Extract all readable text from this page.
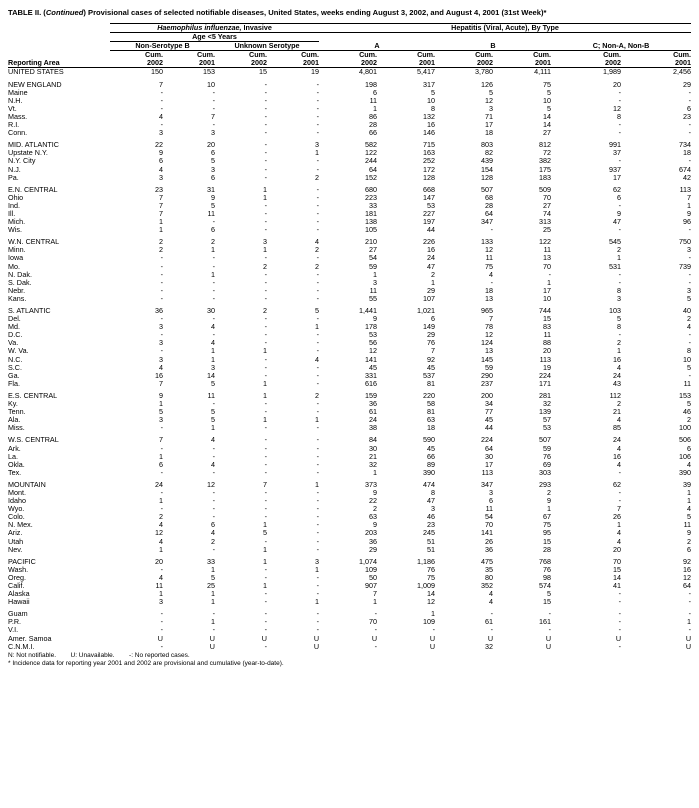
TABLE II. (Continued) Provisional cases of selected notifiable diseases, United States, weeks ending August 3, 2002, and August 4, 2001 (31st Week)*
	Haemophilus influenzae, Invasive				Hepatitis (Viral, Acute), By Type					
	Age <5 Years									
	Non-Serotype B		Unknown Serotype		A		B		C; Non-A, Non-B	
	Cum.	Cum.	Cum.	Cum.	Cum.	Cum.	Cum.	Cum.	Cum.	Cum.
Reporting Area	2002	2001	2002	2001	2002	2001	2002	2001	2002	2001
UNITED STATES	150	153	15	19	4,801	5,417	3,780	4,111	1,989	2,456

NEW ENGLAND	7	10	-	-	198	317	126	75	20	29
Maine	-	-	-	-	6	5	5	5	-	-
N.H.	-	-	-	-	11	10	12	10	-	-
Vt.	-	-	-	-	1	8	3	5	12	6
Mass.	4	7	-	-	86	132	71	14	8	23
R.I.	-	-	-	-	28	16	17	14	-	-
Conn.	3	3	-	-	66	146	18	27	-	-

MID. ATLANTIC	22	20	-	3	582	715	803	812	991	734
Upstate N.Y.	9	6	-	1	122	163	82	72	37	18
N.Y. City	6	5	-	-	244	252	439	382	-	-
N.J.	4	3	-	-	64	172	154	175	937	674
Pa.	3	6	-	2	152	128	128	183	17	42

E.N. CENTRAL	23	31	1	-	680	668	507	509	62	113
Ohio	7	9	1	-	223	147	68	70	6	7
Ind.	7	5	-	-	33	53	28	27	-	1
Ill.	7	11	-	-	181	227	64	74	9	9
Mich.	1	-	-	-	138	197	347	313	47	96
Wis.	1	6	-	-	105	44	-	25	-	-

W.N. CENTRAL	2	2	3	4	210	226	133	122	545	750
Minn.	2	1	1	2	27	16	12	11	2	3
Iowa	-	-	-	-	54	24	11	13	1	-
Mo.	-	-	2	2	59	47	75	70	531	739
N. Dak.	-	1	-	-	1	2	4	-	-	-
S. Dak.	-	-	-	-	3	1	-	1	-	-
Nebr.	-	-	-	-	11	29	18	17	8	3
Kans.	-	-	-	-	55	107	13	10	3	5

S. ATLANTIC	36	30	2	5	1,441	1,021	965	744	103	40
Del.	-	-	-	-	9	6	7	15	5	2
Md.	3	4	-	1	178	149	78	83	8	4
D.C.	-	-	-	-	53	29	12	11	-	-
Va.	3	4	-	-	56	76	124	88	2	-
W. Va.	-	1	1	-	12	7	13	20	1	8
N.C.	3	1	-	4	141	92	145	113	16	10
S.C.	4	3	-	-	45	45	59	19	4	5
Ga.	16	14	-	-	331	537	290	224	24	-
Fla.	7	5	1	-	616	81	237	171	43	11

E.S. CENTRAL	9	11	1	2	159	220	200	281	112	153
Ky.	1	-	-	-	36	58	34	32	2	5
Tenn.	5	5	-	-	61	81	77	139	21	46
Ala.	3	5	1	1	24	63	45	57	4	2
Miss.	-	1	-	-	38	18	44	53	85	100

W.S. CENTRAL	7	4	-	-	84	590	224	507	24	506
Ark.	-	-	-	-	30	45	64	59	4	6
La.	1	-	-	-	21	66	30	76	16	106
Okla.	6	4	-	-	32	89	17	69	4	4
Tex.	-	-	-	-	1	390	113	303	-	390

MOUNTAIN	24	12	7	1	373	474	347	293	62	39
Mont.	-	-	-	-	9	8	3	2	-	1
Idaho	1	-	-	-	22	47	6	9	-	1
Wyo.	-	-	-	-	2	3	11	1	7	4
Colo.	2	-	-	-	63	46	54	67	26	5
N. Mex.	4	6	1	-	9	23	70	75	1	11
Ariz.	12	4	5	-	203	245	141	95	4	9
Utah	4	2	-	-	36	51	26	15	4	2
Nev.	1	-	1	-	29	51	36	28	20	6

PACIFIC	20	33	1	3	1,074	1,186	475	768	70	92
Wash.	-	1	-	1	109	76	35	76	15	16
Oreg.	4	5	-	-	50	75	80	98	14	12
Calif.	11	25	1	-	907	1,009	352	574	41	64
Alaska	1	1	-	-	7	14	4	5	-	-
Hawaii	3	1	-	1	1	12	4	15	-	-

Guam	-	-	-	-	-	1	-	-	-	-
P.R.	-	1	-	-	70	109	61	161	-	1
V.I.	-	-	-	-	-	-	-	-	-	-
Amer. Samoa	U	U	U	U	U	U	U	U	U	U
C.N.M.I.	-	U	-	U	-	U	32	U	-	U
N: Not notifiable.        U: Unavailable.        -: No reported cases.
* Incidence data for reporting year 2001 and 2002 are provisional and cumulative (year-to-date).
